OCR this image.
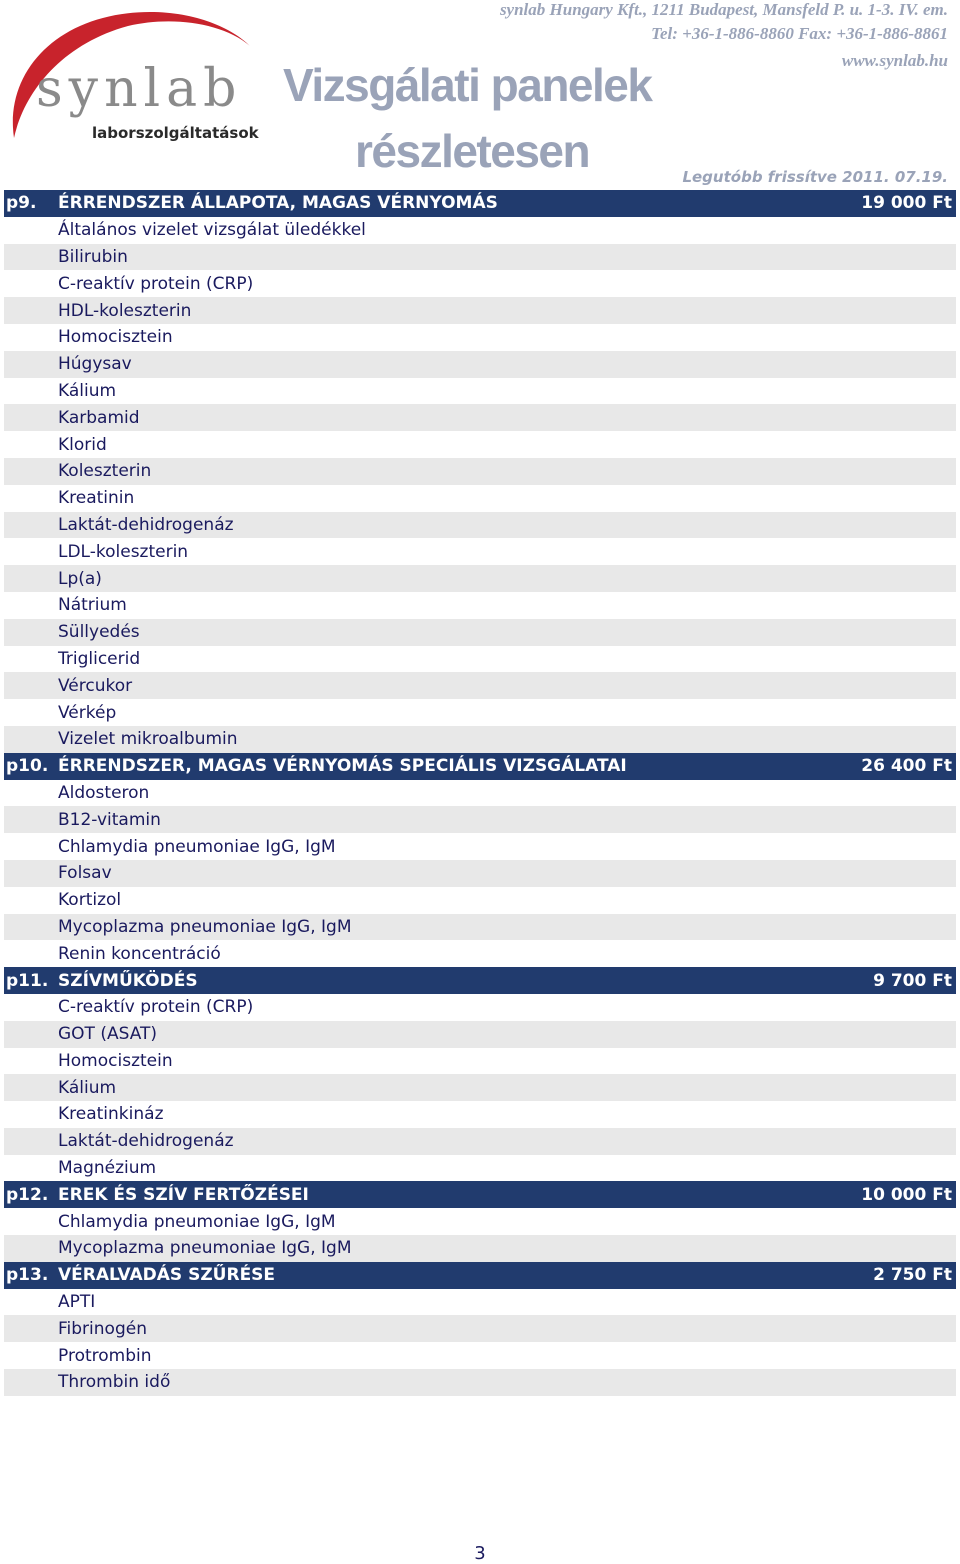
synlab
laborszolgáltatások
Vizsgálati panelek
részletesen
synlab Hungary Kft., 1211 Budapest, Mansfeld P. u. 1-3. IV. em.
Tel: +36-1-886-8860 Fax: +36-1-886-8861
www.synlab.hu
Legutóbb frissítve 2011. 07.19.
p9.	ÉRRENDSZER ÁLLAPOTA, MAGAS VÉRNYOMÁS	19 000 Ft
Általános vizelet vizsgálat üledékkel
Bilirubin
C-reaktív protein (CRP)
HDL-koleszterin
Homocisztein
Húgysav
Kálium
Karbamid
Klorid
Koleszterin
Kreatinin
Laktát-dehidrogenáz
LDL-koleszterin
Lp(a)
Nátrium
Süllyedés
Triglicerid
Vércukor
Vérkép
Vizelet mikroalbumin
p10. ÉRRENDSZER, MAGAS VÉRNYOMÁS SPECIÁLIS VIZSGÁLATAI	26 400 Ft
Aldosteron
B12-vitamin
Chlamydia pneumoniae IgG, IgM
Folsav
Kortizol
Mycoplazma pneumoniae IgG, IgM
Renin koncentráció
p11. SZÍVMŰKÖDÉS	9 700 Ft
C-reaktív protein (CRP)
GOT (ASAT)
Homocisztein
Kálium
Kreatinkináz
Laktát-dehidrogenáz
Magnézium
p12. EREK ÉS SZÍV FERTŐZÉSEI	10 000 Ft
Chlamydia pneumoniae IgG, IgM
Mycoplazma pneumoniae IgG, IgM
p13. VÉRALVADÁS SZŰRÉSE	2 750 Ft
APTI
Fibrinogén
Protrombin
Thrombin idő
3
